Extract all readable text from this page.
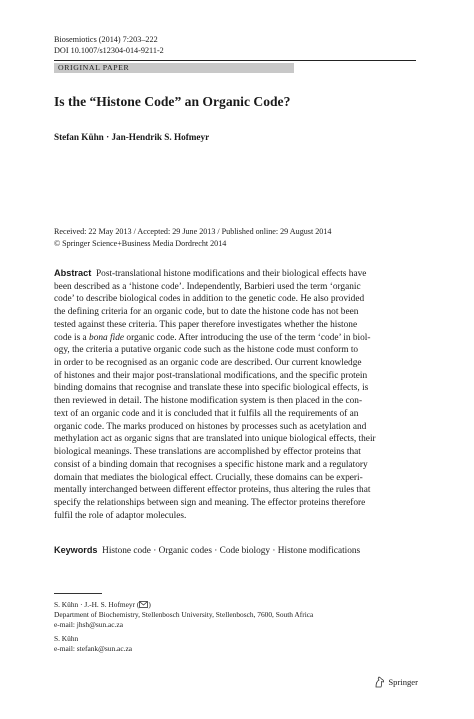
Biosemiotics (2014) 7:203–222
DOI 10.1007/s12304-014-9211-2
ORIGINAL PAPER
Is the “Histone Code” an Organic Code?
Stefan Kühn · Jan-Hendrik S. Hofmeyr
Received: 22 May 2013 / Accepted: 29 June 2013 / Published online: 29 August 2014
© Springer Science+Business Media Dordrecht 2014
Abstract Post-translational histone modifications and their biological effects have
been described as a ‘histone code’. Independently, Barbieri used the term ‘organic
code’ to describe biological codes in addition to the genetic code. He also provided
the defining criteria for an organic code, but to date the histone code has not been
tested against these criteria. This paper therefore investigates whether the histone
code is a bona fide organic code. After introducing the use of the term ‘code’ in biol-
ogy, the criteria a putative organic code such as the histone code must conform to
in order to be recognised as an organic code are described. Our current knowledge
of histones and their major post-translational modifications, and the specific protein
binding domains that recognise and translate these into specific biological effects, is
then reviewed in detail. The histone modification system is then placed in the con-
text of an organic code and it is concluded that it fulfils all the requirements of an
organic code. The marks produced on histones by processes such as acetylation and
methylation act as organic signs that are translated into unique biological effects, their
biological meanings. These translations are accomplished by effector proteins that
consist of a binding domain that recognises a specific histone mark and a regulatory
domain that mediates the biological effect. Crucially, these domains can be experi-
mentally interchanged between different effector proteins, thus altering the rules that
specify the relationships between sign and meaning. The effector proteins therefore
fulfil the role of adaptor molecules.
Keywords Histone code · Organic codes · Code biology · Histone modifications
S. Kühn · J.-H. S. Hofmeyr ( )
Department of Biochemistry, Stellenbosch University, Stellenbosch, 7600, South Africa
e-mail: jhsh@sun.ac.za
S. Kühn
e-mail: stefank@sun.ac.za
Springer
